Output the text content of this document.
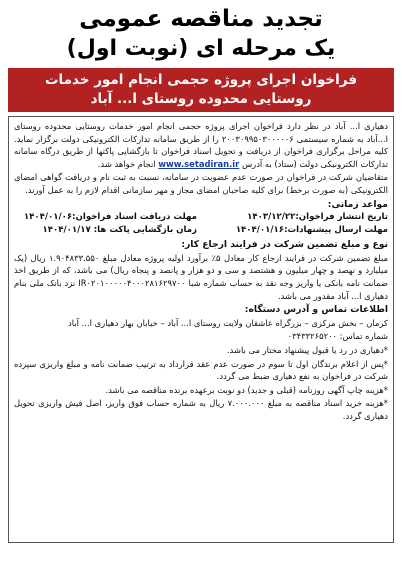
تجدید مناقصه عمومی
یک مرحله ای (نوبت اول)
فراخوان اجرای پروژه حجمی انجام امور خدمات
روستایی محدوده روستای ا... آباد

دهیاری ا... آباد در نظر دارد فراخوان اجرای پروژه حجمی انجام امور خدمات روستایی محدوده روستای ا...آباد به شماره سیستمی ۲۰۰۳۰۹۹۵۰۳۰۰۰۰۰۶ را از طریق سامانه تدارکات الکترونیکی دولت برگزار نماید. کلیه مراحل برگزاری فراخوان از دریافت و تحویل اسناد فراخوان تا بازگشایی پاکتها از طریق درگاه سامانه تدارکات الکترونیکی دولت (ستاد) به آدرس www.setadiran.ir انجام خواهد شد.

متقاضیان شرکت در فراخوان در صورت عدم عضویت در سامانه، نسبت به ثبت نام و دریافت گواهی امضای الکترونیکی (به صورت برخط) برای کلیه صاحبان امضای مجاز و مهر سازمانی اقدام لازم را به عمل آورند.

مواعد زمانی:
تاریخ انتشار فراخوان:۱۴۰۳/۱۲/۲۲
مهلت دریافت اسناد فراخوان:۱۴۰۴/۰۱/۰۶
مهلت ارسال پیشنهادات:۱۴۰۴/۰۱/۱۶
زمان بازگشایی پاکت ها: ۱۴۰۴/۰۱/۱۷
نوع و مبلغ تضمین شرکت در فرایند ارجاع کار:

مبلغ تضمین شرکت در فرایند ارجاع کار معادل ۵٪ برآورد اولیه پروژه معادل مبلغ ۱.۹۰۴۸۳۳.۵۵۰ ریال (یک میلیارد و نهصد و چهار میلیون و هشتصد و سی و دو هزار و پانصد و پنجاه ریال) می باشد، که از طریق اخذ ضمانت نامه بانکی یا واریز وجه نقد به حساب شماره شبا IR۰۲۰۱۰۰۰۰۰۴۰۰۰۲۸۱۶۲۹۷۰۰ نزد بانک ملی بنام دهیاری ا... آباد مقدور می باشد.

اطلاعات تماس و آدرس دستگاه:

کرمان – بخش مرکزی – بزرگراه عاشقان ولایت روستای ا... آباد – خیابان بهار دهیاری ا... آباد

شماره تماس: ۰۳۴۳۳۲۶۵۲۰۰

*دهیاری در رد یا قبول پیشنهاد مختار می باشد.

*پس از اعلام برندگان اول تا سوم در صورت عدم عقد قرارداد به ترتیب ضمانت نامه و مبلغ واریزی سپرده شرکت در فراخوان به نفع دهیاری ضبط می گردد.

*هزینه چاپ آگهی روزنامه (قبلی و جدید) دو نوبت برعهده برنده مناقصه می باشد.

*هزینه خرید اسناد مناقصه به مبلغ ۷.۰۰۰.۰۰۰ ریال به شماره حساب فوق واریز، اصل فیش واریزی تحویل دهیاری گردد.
